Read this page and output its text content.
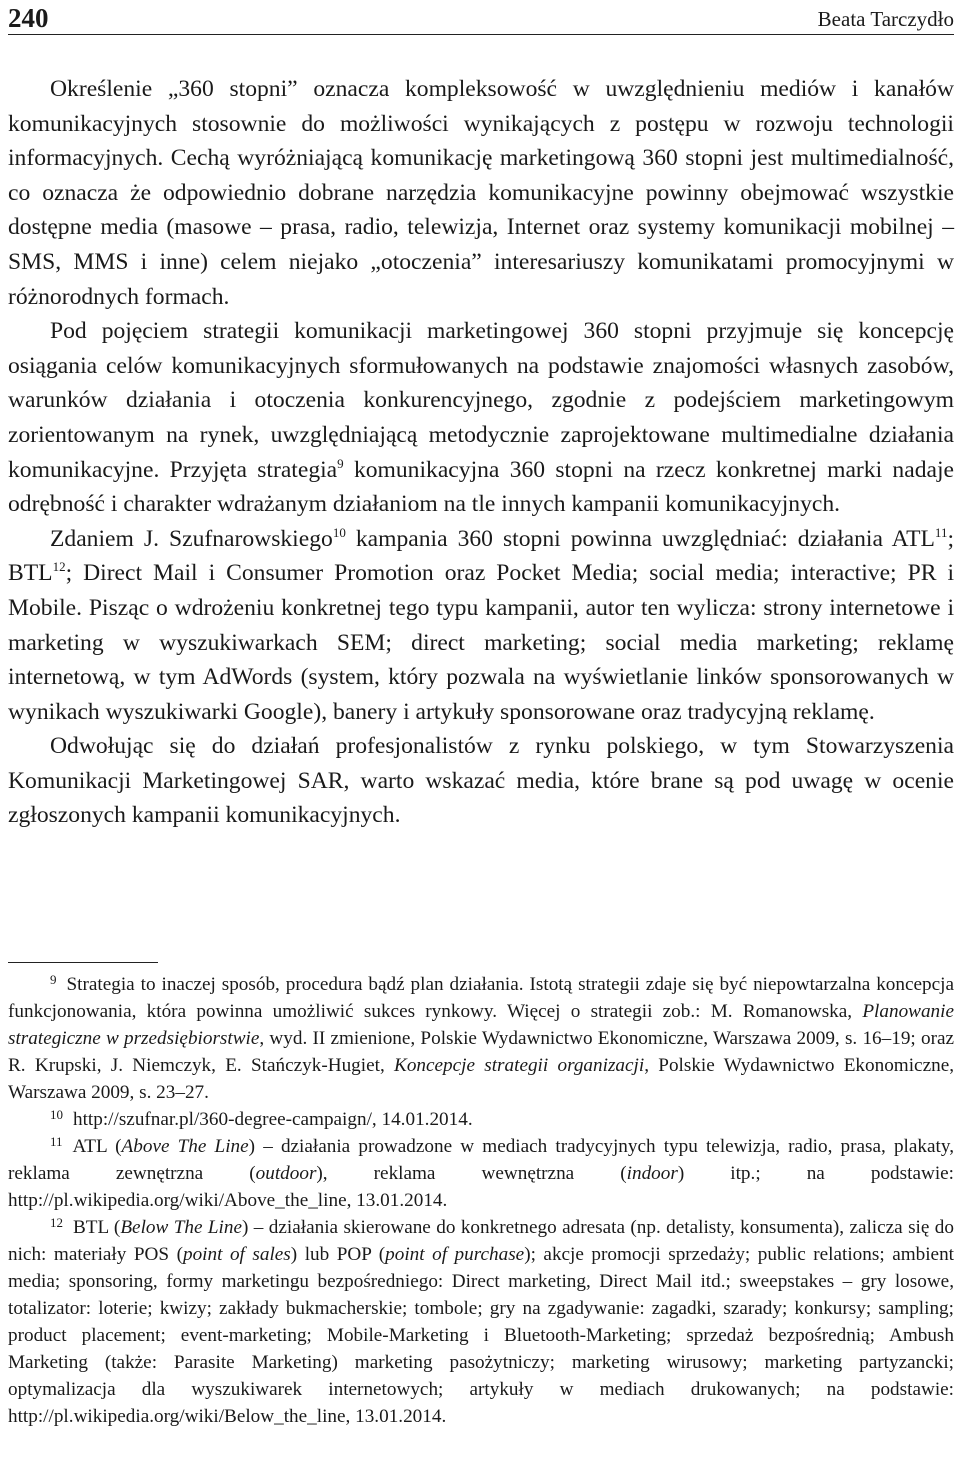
240	Beata Tarczydło

Określenie „360 stopni” oznacza kompleksowość w uwzględnieniu mediów i kanałów komunikacyjnych stosownie do możliwości wynikających z postępu w rozwoju technologii informacyjnych. Cechą wyróżniającą komunikację marketingową 360 stopni jest multimedialność, co oznacza że odpowiednio dobrane narzędzia komunikacyjne powinny obejmować wszystkie dostępne media (masowe – prasa, radio, telewizja, Internet oraz systemy komunikacji mobilnej – SMS, MMS i inne) celem niejako „otoczenia” interesariuszy komunikatami promocyjnymi w różnorodnych formach.

Pod pojęciem strategii komunikacji marketingowej 360 stopni przyjmuje się koncepcję osiągania celów komunikacyjnych sformułowanych na podstawie znajomości własnych zasobów, warunków działania i otoczenia konkurencyjnego, zgodnie z podejściem marketingowym zorientowanym na rynek, uwzględniającą metodycznie zaprojektowane multimedialne działania komunikacyjne. Przyjęta strategia$^9$ komunikacyjna 360 stopni na rzecz konkretnej marki nadaje odrębność i charakter wdrażanym działaniom na tle innych kampanii komunikacyjnych.

Zdaniem J. Szufnarowskiego$^{10}$ kampania 360 stopni powinna uwzględniać: działania ATL$^{11}$; BTL$^{12}$; Direct Mail i Consumer Promotion oraz Pocket Media; social media; interactive; PR i Mobile. Pisząc o wdrożeniu konkretnej tego typu kampanii, autor ten wylicza: strony internetowe i marketing w wyszukiwarkach SEM; direct marketing; social media marketing; reklamę internetową, w tym AdWords (system, który pozwala na wyświetlanie linków sponsorowanych w wynikach wyszukiwarki Google), banery i artykuły sponsorowane oraz tradycyjną reklamę.

Odwołując się do działań profesjonalistów z rynku polskiego, w tym Stowarzyszenia Komunikacji Marketingowej SAR, warto wskazać media, które brane są pod uwagę w ocenie zgłoszonych kampanii komunikacyjnych.

$^9$ Strategia to inaczej sposób, procedura bądź plan działania. Istotą strategii zdaje się być niepowtarzalna koncepcja funkcjonowania, która powinna umożliwić sukces rynkowy. Więcej o strategii zob.: M. Romanowska, Planowanie strategiczne w przedsiębiorstwie, wyd. II zmienione, Polskie Wydawnictwo Ekonomiczne, Warszawa 2009, s. 16–19; oraz R. Krupski, J. Niemczyk, E. Stańczyk-Hugiet, Koncepcje strategii organizacji, Polskie Wydawnictwo Ekonomiczne, Warszawa 2009, s. 23–27.

$^{10}$ http://szufnar.pl/360-degree-campaign/, 14.01.2014.

$^{11}$ ATL (Above The Line) – działania prowadzone w mediach tradycyjnych typu telewizja, radio, prasa, plakaty, reklama zewnętrzna (outdoor), reklama wewnętrzna (indoor) itp.; na podstawie: http://pl.wikipedia.org/wiki/Above_the_line, 13.01.2014.

$^{12}$ BTL (Below The Line) – działania skierowane do konkretnego adresata (np. detalisty, konsumenta), zalicza się do nich: materiały POS (point of sales) lub POP (point of purchase); akcje promocji sprzedaży; public relations; ambient media; sponsoring, formy marketingu bezpośredniego: Direct marketing, Direct Mail itd.; sweepstakes – gry losowe, totalizator: loterie; kwizy; zakłady bukmacherskie; tombole; gry na zgadywanie: zagadki, szarady; konkursy; sampling; product placement; event-marketing; Mobile-Marketing i Bluetooth-Marketing; sprzedaż bezpośrednią; Ambush Marketing (także: Parasite Marketing) marketing pasożytniczy; marketing wirusowy; marketing partyzancki; optymalizacja dla wyszukiwarek internetowych; artykuły w mediach drukowanych; na podstawie: http://pl.wikipedia.org/wiki/Below_the_line, 13.01.2014.
